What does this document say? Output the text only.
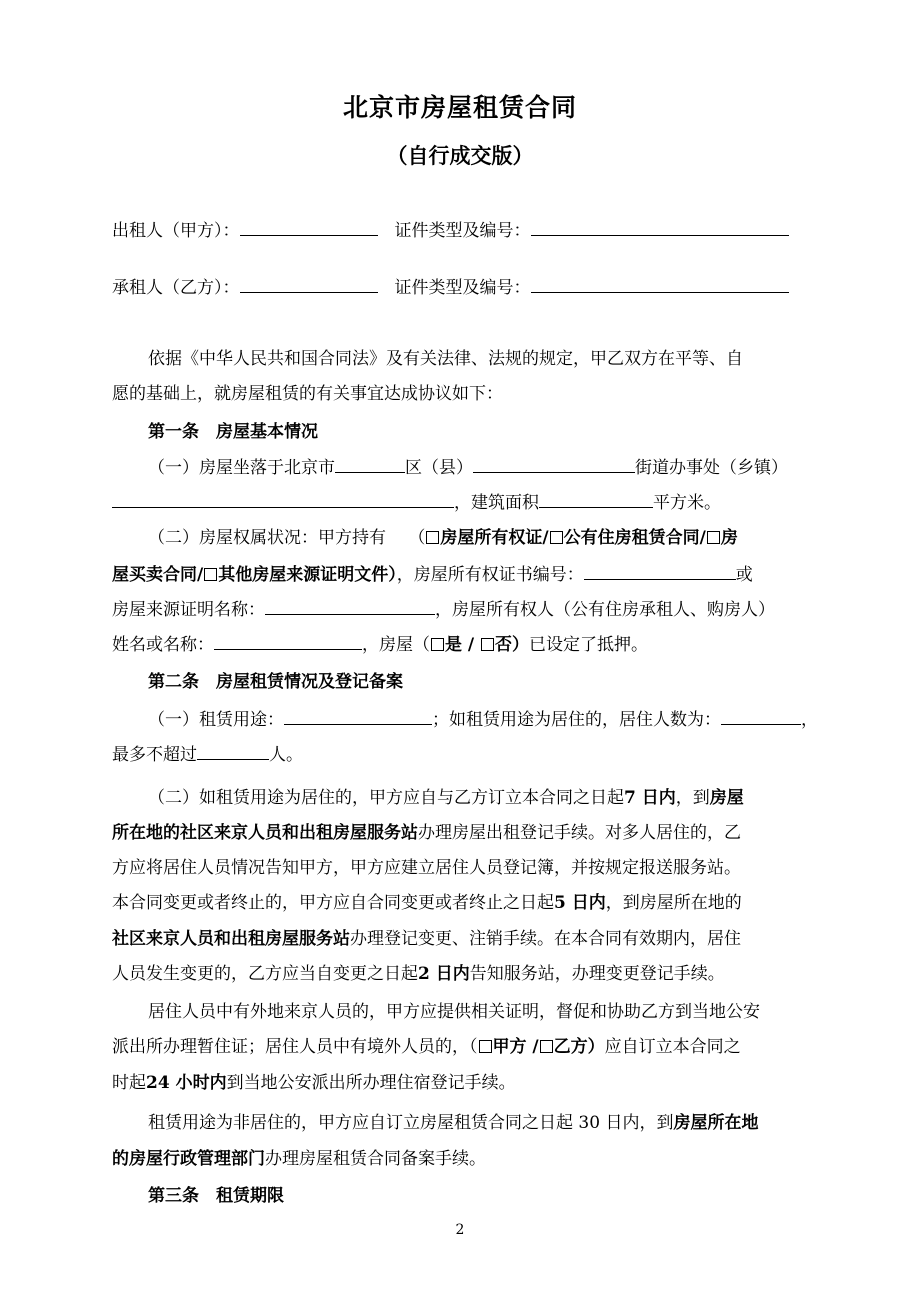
北京市房屋租赁合同
（自行成交版）
出租人（甲方）：　	证件类型及编号：
承租人（乙方）：　	证件类型及编号：
依据《中华人民共和国合同法》及有关法律、法规的规定，甲乙双方在平等、自
愿的基础上，就房屋租赁的有关事宜达成协议如下：
第一条　房屋基本情况
（一）房屋坐落于北京市	区（县）	街道办事处（乡镇）
，建筑面积	平方米。
（二）房屋权属状况：甲方持有　 （ 房屋所有权证/ 公有住房租赁合同/ 房
屋买卖合同/ 其他房屋来源证明文件），房屋所有权证书编号：	或
房屋来源证明名称：	，房屋所有权人（公有住房承租人、购房人）
姓名或名称：	，房屋（ 是 / 否）已设定了抵押。
第二条　房屋租赁情况及登记备案
（一）租赁用途：	；如租赁用途为居住的，居住人数为：	，
最多不超过	人。
（二）如租赁用途为居住的，甲方应自与乙方订立本合同之日起7 日内，到房屋
所在地的社区来京人员和出租房屋服务站办理房屋出租登记手续。对多人居住的，乙
方应将居住人员情况告知甲方，甲方应建立居住人员登记簿，并按规定报送服务站。
本合同变更或者终止的，甲方应自合同变更或者终止之日起5 日内，到房屋所在地的
社区来京人员和出租房屋服务站办理登记变更、注销手续。在本合同有效期内，居住
人员发生变更的，乙方应当自变更之日起2 日内告知服务站，办理变更登记手续。
居住人员中有外地来京人员的，甲方应提供相关证明，督促和协助乙方到当地公安
派出所办理暂住证；居住人员中有境外人员的，（ 甲方 / 乙方）应自订立本合同之
时起24 小时内到当地公安派出所办理住宿登记手续。
租赁用途为非居住的，甲方应自订立房屋租赁合同之日起 30 日内，到房屋所在地
的房屋行政管理部门办理房屋租赁合同备案手续。
第三条　租赁期限
2
